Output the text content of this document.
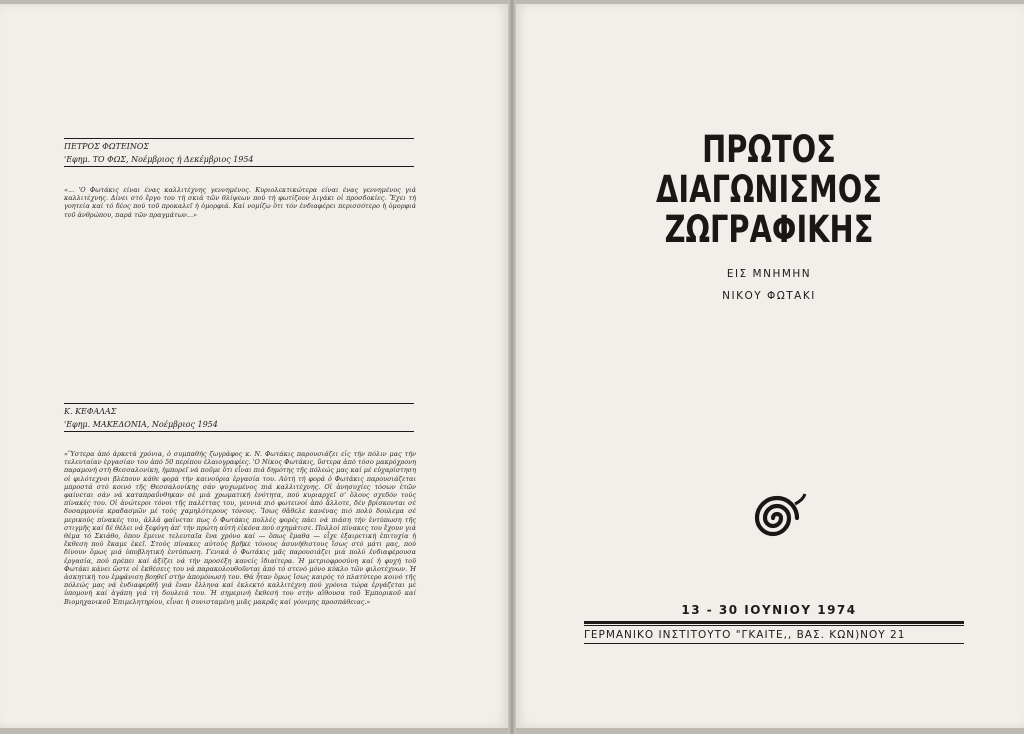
ΠΕΤΡΟΣ ΦΩΤΕΙΝΟΣ
'Εφημ. ΤΟ ΦΩΣ, Νοέμβριος ή Δεκέμβριος 1954
«... 'Ο Φωτάκις είναι ένας καλλιτέχνης γεννημένος. Κυριολεκτικώτερα είναι ένας γεννημένος γιά καλλιτέχνης. Δίνει στό ἔργο του τή σκιά τῶν θλίψεων πού τή φωτίζουν λιγάκι οἱ προσδοκίες. Ἔχει τή γοητεία καί τό δέος πού τοῦ προκαλεῖ ἡ ὁμορφιά. Καί νομίζω ὅτι τόν ἐνδιαφέρει περισσότερο ἡ ὁμορφιά τοῦ ἀνθρώπου, παρά τῶν πραγμάτων...»
Κ. ΚΕΦΑΛΑΣ
'Εφημ. ΜΑΚΕΔΟΝΙΑ, Νοέμβριος 1954
«Ὕστερα ἀπό ἀρκετά χρόνια, ὁ συμπαθής ζωγράφος κ. Ν. Φωτάκις παρουσιάζει εἰς τήν πόλιν μας τήν τελευταίαν ἐργασίαν του ἀπό 50 περίπου ἐλαιογραφίες. 'Ο Νίκος Φωτάκις, ὕστερα ἀπό τόσο μακρόχρονη παραμονή στή Θεσσαλονίκη, ἠμπορεῖ νά ποῦμε ὅτι εἶναι πιά δημότης τῆς πόλεώς μας καί μέ εὐχαρίστηση οἱ φιλότεχνοι βλέπουν κάθε φορά τήν καινούρια ἐργασία του. Αὐτή τή φορά ὁ Φωτάκις παρουσιάζεται μπροστά στό κοινό τῆς Θεσσαλονίκης σάν ψυχωμένος πιά καλλιτέχνης. Οἱ ἀνησυχίες τόσων ἐτῶν φαίνεται σάν νά καταπραΰνθηκαν σέ μιά χρωματική ἑνότητα, πού κυριαρχεῖ σ' ὅλους σχεδόν τούς πίνακές του. Οἱ ἀνώτεροι τόνοι τῆς παλέττας του, γεννιά πιό φωτεινοί ἀπό ἄλλοτε, δέν βρίσκονται σέ δυσαρμονία κραδασμῶν μέ τούς χαμηλότερους τόνους. Ἴσως θἄθελε κανένας πιό πολύ δουλεμα σέ μερικούς πίνακές του, ἀλλά φαίνεται πως ὁ Φωτάκις πολλές φορές πάει νά πιάση τήν ἐντύπωση τῆς στιγμῆς καί δέ θέλει νά ξεφύγη ἀπ' τήν πρώτη αὐτή εἰκόνα πού σχημάτισε. Πολλοί πίνακες του ἔχουν γιά θέμα τό Σκιάθο, ὅπου ἔμεινε τελευταῖα ἕνα χρόνο καί — ὅπως ἔμαθα — εἶχε ἐξαιρετική ἐπιτυχία ἡ ἔκθεση πού ἔκαμε ἐκεῖ. Στούς πίνακες αὐτούς βρῆκε τόνους ἀσυνήθιστους ἴσως στό μάτι μας, πού δίνουν ὅμως μιά ὑποβλητική ἐντύπωση. Γενικά ὁ Φωτάκις μᾶς παρουσιάζει μιά πολύ ἐνδιαφέρουσα ἐργασία, πού πρέπει καί ἀξίζει νά τήν προσέξη κανείς ἰδιαίτερα. Ἡ μετριοφροσύνη καί ἡ φυχή τοῦ Φωτάκι κάνει ὥστε οἱ ἐκθέσεις του νά παρακολουθοῦνται ἀπό τό στενό μόνο κύκλο τῶν φιλοτέχνων. Ἡ ἀσκητική του ἐμφάνιση βοηθεῖ στήν ἀπομόνωσή του. Θά ἦταν ὅμως ἴσως καιρός τό πλατύτερο κοινό τῆς πόλεώς μας νά ἐνδιαφερθῆ γιά ἕναν ἔλληνα καί ἐκλεκτό καλλιτέχνη πού χρόνια τώρα ἐργάζεται μέ ὑπομονή καί ἀγάπη γιά τή δουλειά του. Ἡ σημερινή ἔκθεσή του στήν αἴθουσα τοῦ Ἐμπορικοῦ καί Βιομηχανικοῦ Ἐπιμελητηρίου, εἶναι ἡ συνισταμένη μιᾶς μακρᾶς καί γόνιμης προσπάθειας.»
ΠΡΩΤΟΣ
ΔΙΑΓΩΝΙΣΜΟΣ
ΖΩΓΡΑΦΙΚΗΣ
ΕΙΣ ΜΝΗΜΗΝ
ΝΙΚΟΥ ΦΩΤΑΚΙ
13 - 30 ΙΟΥΝΙΟΥ 1974
ΓΕΡΜΑΝΙΚΟ ΙΝΣΤΙΤΟΥΤΟ "ΓΚΑΙΤΕ,, ΒΑΣ. ΚΩΝ)ΝΟΥ 21
